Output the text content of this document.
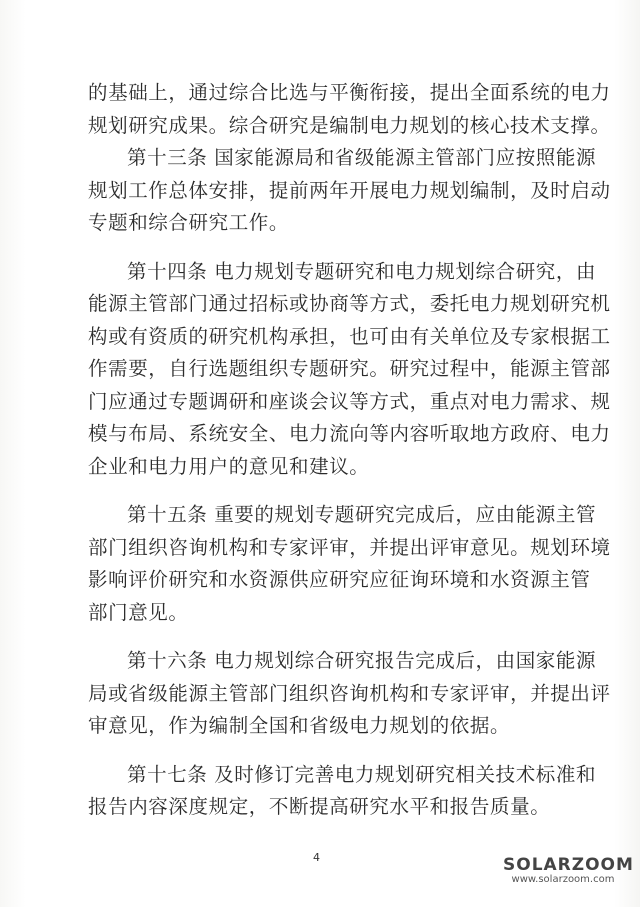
的基础上，通过综合比选与平衡衔接，提出全面系统的电力
规划研究成果。综合研究是编制电力规划的核心技术支撑。
第十三条 国家能源局和省级能源主管部门应按照能源
规划工作总体安排，提前两年开展电力规划编制，及时启动
专题和综合研究工作。
第十四条 电力规划专题研究和电力规划综合研究，由
能源主管部门通过招标或协商等方式，委托电力规划研究机
构或有资质的研究机构承担，也可由有关单位及专家根据工
作需要，自行选题组织专题研究。研究过程中，能源主管部
门应通过专题调研和座谈会议等方式，重点对电力需求、规
模与布局、系统安全、电力流向等内容听取地方政府、电力
企业和电力用户的意见和建议。
第十五条 重要的规划专题研究完成后，应由能源主管
部门组织咨询机构和专家评审，并提出评审意见。规划环境
影响评价研究和水资源供应研究应征询环境和水资源主管
部门意见。
第十六条 电力规划综合研究报告完成后，由国家能源
局或省级能源主管部门组织咨询机构和专家评审，并提出评
审意见，作为编制全国和省级电力规划的依据。
第十七条 及时修订完善电力规划研究相关技术标准和
报告内容深度规定，不断提高研究水平和报告质量。
4	SOLARZOOM
www.solarzoom.com
